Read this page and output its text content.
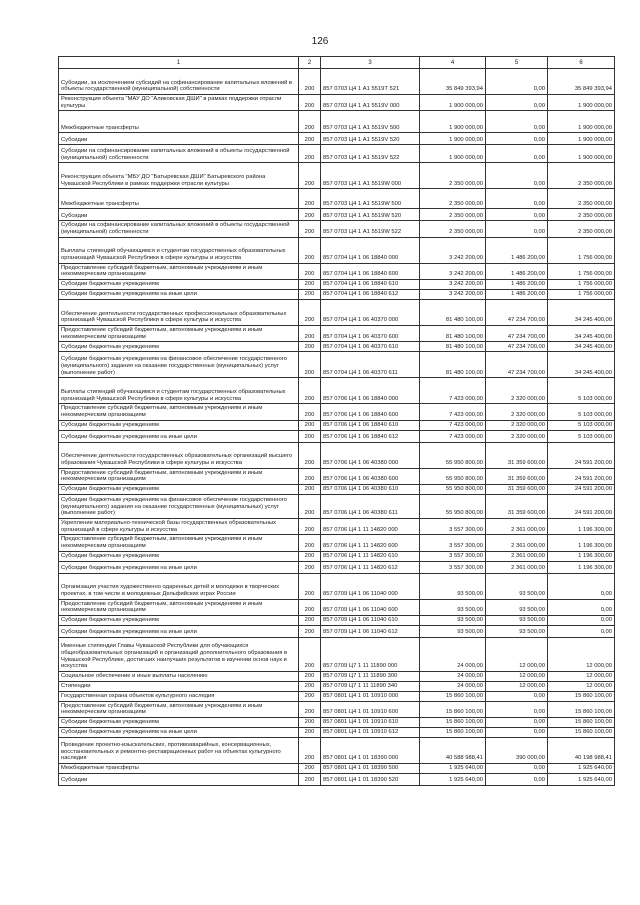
126
1	2	3	4	5	6
Субсидии, за исключением субсидий на софинансирование капитальных вложений в объекты государственной (муниципальной) собственности	200	857 0703 Ц4 1 А1 5519Т 521	35 849 393,94	0,00	35 849 393,94
Реконструкция объекта "МАУ ДО "Аликовская ДШИ" в рамках поддержки отрасли культуры	200	857 0703 Ц4 1 А1 5519V 000	1 900 000,00	0,00	1 900 000,00
Межбюджетные трансферты	200	857 0703 Ц4 1 А1 5519V 500	1 900 000,00	0,00	1 900 000,00
Субсидии	200	857 0703 Ц4 1 А1 5519V 520	1 900 000,00	0,00	1 900 000,00
Субсидии на софинансирование капитальных вложений в объекты государственной (муниципальной) собственности	200	857 0703 Ц4 1 А1 5519V 522	1 900 000,00	0,00	1 900 000,00
Реконструкция объекта "МБУ ДО "Батыревская ДШИ" Батыревского района Чувашской Республики в рамках поддержки отрасли культуры	200	857 0703 Ц4 1 А1 5519W 000	2 350 000,00	0,00	2 350 000,00
Межбюджетные трансферты	200	857 0703 Ц4 1 А1 5519W 500	2 350 000,00	0,00	2 350 000,00
Субсидии	200	857 0703 Ц4 1 А1 5519W 520	2 350 000,00	0,00	2 350 000,00
Субсидии на софинансирование капитальных вложений в объекты государственной (муниципальной) собственности	200	857 0703 Ц4 1 А1 5519W 522	2 350 000,00	0,00	2 350 000,00
Выплаты стипендий обучающимся и студентам государственных образовательных организаций Чувашской Республики в сфере культуры и искусства	200	857 0704 Ц4 1 06 18840 000	3 242 200,00	1 486 200,00	1 756 000,00
Предоставление субсидий бюджетным, автономным учреждениям и иным некоммерческим организациям	200	857 0704 Ц4 1 06 18840 600	3 242 200,00	1 486 200,00	1 756 000,00
Субсидии бюджетным учреждениям	200	857 0704 Ц4 1 06 18840 610	3 242 200,00	1 486 200,00	1 756 000,00
Субсидии бюджетным учреждениям на иные цели	200	857 0704 Ц4 1 06 18840 612	3 242 200,00	1 486 200,00	1 756 000,00
Обеспечение деятельности государственных профессиональных образовательных организаций Чувашской Республики в сфере культуры и искусства	200	857 0704 Ц4 1 06 40370 000	81 480 100,00	47 234 700,00	34 245 400,00
Предоставление субсидий бюджетным, автономным учреждениям и иным некоммерческим организациям	200	857 0704 Ц4 1 06 40370 600	81 480 100,00	47 234 700,00	34 245 400,00
Субсидии бюджетным учреждениям	200	857 0704 Ц4 1 06 40370 610	81 480 100,00	47 234 700,00	34 245 400,00
Субсидии бюджетным учреждениям на финансовое обеспечение государственного (муниципального) задания на оказание государственных (муниципальных) услуг (выполнение работ)	200	857 0704 Ц4 1 06 40370 611	81 480 100,00	47 234 700,00	34 245 400,00
Выплаты стипендий обучающимся и студентам государственных образовательных организаций Чувашской Республики в сфере культуры и искусства	200	857 0706 Ц4 1 06 18840 000	7 423 000,00	2 320 000,00	5 103 000,00
Предоставление субсидий бюджетным, автономным учреждениям и иным некоммерческим организациям	200	857 0706 Ц4 1 06 18840 600	7 423 000,00	2 320 000,00	5 103 000,00
Субсидии бюджетным учреждениям	200	857 0706 Ц4 1 06 18840 610	7 423 000,00	2 320 000,00	5 103 000,00
Субсидии бюджетным учреждениям на иные цели	200	857 0706 Ц4 1 06 18840 612	7 423 000,00	2 320 000,00	5 103 000,00
Обеспечение деятельности государственных образовательных организаций высшего образования Чувашской Республики в сфере культуры и искусства	200	857 0706 Ц4 1 06 40380 000	55 950 800,00	31 359 600,00	24 591 200,00
Предоставление субсидий бюджетным, автономным учреждениям и иным некоммерческим организациям	200	857 0706 Ц4 1 06 40380 600	55 950 800,00	31 359 600,00	24 591 200,00
Субсидии бюджетным учреждениям	200	857 0706 Ц4 1 06 40380 610	55 950 800,00	31 359 600,00	24 591 200,00
Субсидии бюджетным учреждениям на финансовое обеспечение государственного (муниципального) задания на оказание государственных (муниципальных) услуг (выполнение работ)	200	857 0706 Ц4 1 06 40380 611	55 950 800,00	31 359 600,00	24 591 200,00
Укрепление материально-технической базы государственных образовательных организаций в сфере культуры и искусства	200	857 0706 Ц4 1 11 14820 000	3 557 300,00	2 361 000,00	1 196 300,00
Предоставление субсидий бюджетным, автономным учреждениям и иным некоммерческим организациям	200	857 0706 Ц4 1 11 14820 600	3 557 300,00	2 361 000,00	1 196 300,00
Субсидии бюджетным учреждениям	200	857 0706 Ц4 1 11 14820 610	3 557 300,00	2 361 000,00	1 196 300,00
Субсидии бюджетным учреждениям на иные цели	200	857 0706 Ц4 1 11 14820 612	3 557 300,00	2 361 000,00	1 196 300,00
Организация участия художественно одаренных детей и молодежи в творческих проектах, в том числе в молодежных Дельфийских играх России	200	857 0709 Ц4 1 06 11040 000	93 500,00	93 500,00	0,00
Предоставление субсидий бюджетным, автономным учреждениям и иным некоммерческим организациям	200	857 0709 Ц4 1 06 11040 600	93 500,00	93 500,00	0,00
Субсидии бюджетным учреждениям	200	857 0709 Ц4 1 06 11040 610	93 500,00	93 500,00	0,00
Субсидии бюджетным учреждениям на иные цели	200	857 0709 Ц4 1 06 11040 612	93 500,00	93 500,00	0,00
Именные стипендии Главы Чувашской Республики для обучающихся общеобразовательных организаций и организаций дополнительного образования в Чувашской Республике, достигших наилучших результатов в изучении основ наук и искусства	200	857 0709 Ц7 1 11 11890 000	24 000,00	12 000,00	12 000,00
Социальное обеспечение и иные выплаты населению	200	857 0709 Ц7 1 11 11890 300	24 000,00	12 000,00	12 000,00
Стипендии	200	857 0709 Ц7 1 11 11890 340	24 000,00	12 000,00	12 000,00
Государственная охрана объектов культурного наследия	200	857 0801 Ц4 1 01 10910 000	15 860 100,00	0,00	15 860 100,00
Предоставление субсидий бюджетным, автономным учреждениям и иным некоммерческим организациям	200	857 0801 Ц4 1 01 10910 600	15 860 100,00	0,00	15 860 100,00
Субсидии бюджетным учреждениям	200	857 0801 Ц4 1 01 10910 610	15 860 100,00	0,00	15 860 100,00
Субсидии бюджетным учреждениям на иные цели	200	857 0801 Ц4 1 01 10910 612	15 860 100,00	0,00	15 860 100,00
Проведение проектно-изыскательских, противоаварийных, консервационных, восстановительных и ремонтно-реставрационных работ на объектах культурного наследия	200	857 0801 Ц4 1 01 18390 000	40 588 988,41	390 000,00	40 198 988,41
Межбюджетные трансферты	200	857 0801 Ц4 1 01 18390 500	1 925 640,00	0,00	1 925 640,00
Субсидии	200	857 0801 Ц4 1 01 18390 520	1 925 640,00	0,00	1 925 640,00
